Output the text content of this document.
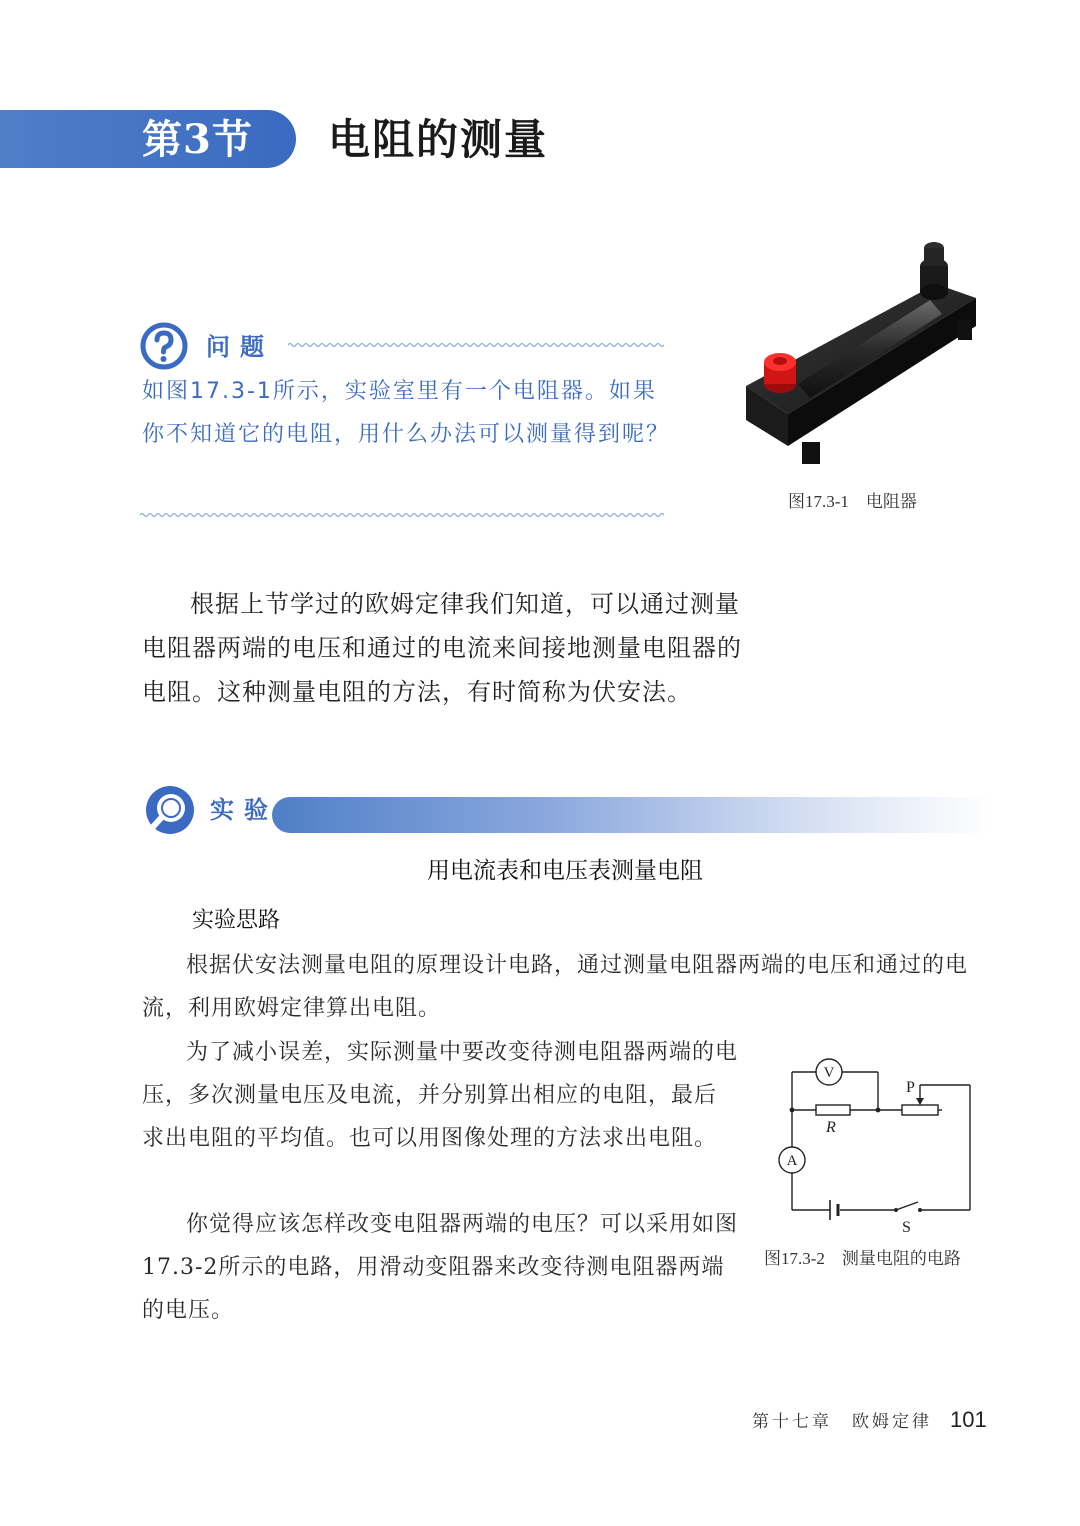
第3节 电阻的测量
问题
如图17.3-1所示，实验室里有一个电阻器。如果你不知道它的电阻，用什么办法可以测量得到呢？
图17.3-1　电阻器
根据上节学过的欧姆定律我们知道，可以通过测量电阻器两端的电压和通过的电流来间接地测量电阻器的电阻。这种测量电阻的方法，有时简称为伏安法。
实验
用电流表和电压表测量电阻
实验思路
根据伏安法测量电阻的原理设计电路，通过测量电阻器两端的电压和通过的电流，利用欧姆定律算出电阻。
为了减小误差，实际测量中要改变待测电阻器两端的电压，多次测量电压及电流，并分别算出相应的电阻，最后求出电阻的平均值。也可以用图像处理的方法求出电阻。
你觉得应该怎样改变电阻器两端的电压？可以采用如图17.3-2所示的电路，用滑动变阻器来改变待测电阻器两端的电压。
V
A
R
P
S
图17.3-2　测量电阻的电路
第十七章　欧姆定律 101
